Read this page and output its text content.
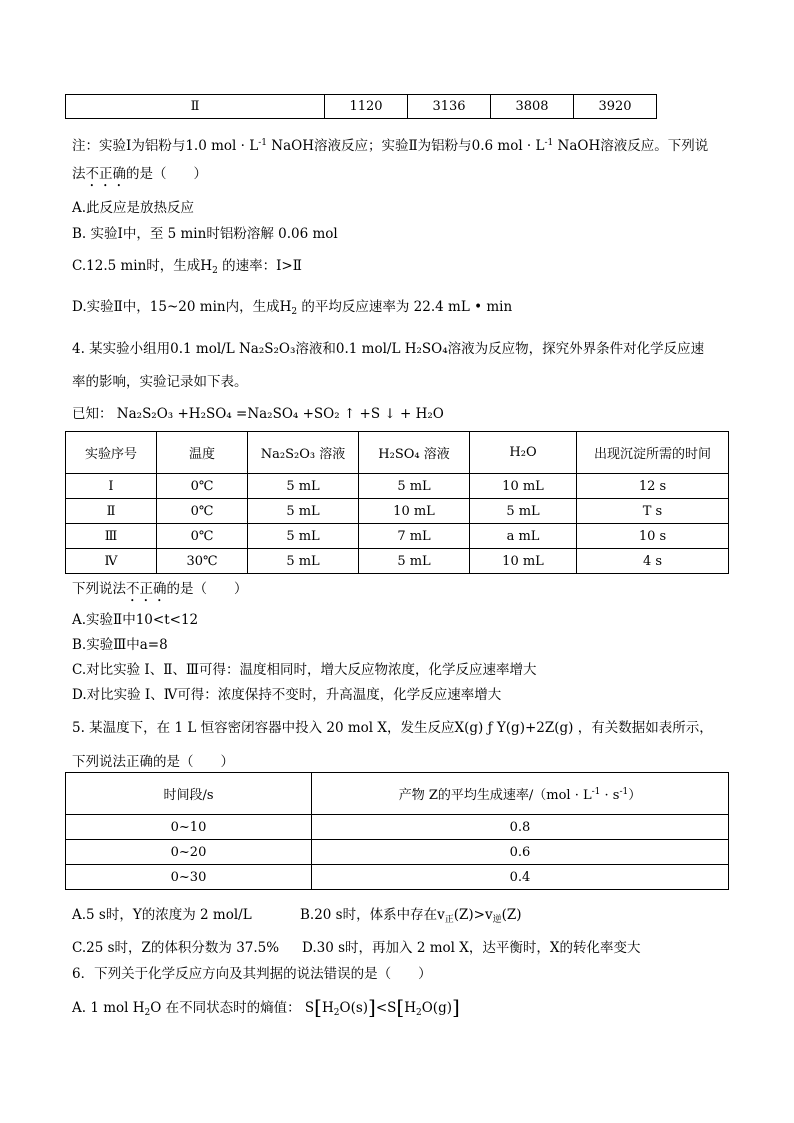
Ⅱ	1120	3136	3808	3920
注：实验Ⅰ为铝粉与1.0 mol · $L^{-1}$ NaOH溶液反应；实验Ⅱ为铝粉与0.6 mol · $L^{-1}$ NaOH溶液反应。下列说
法不正确的是（　　）
A.此反应是放热反应
B. 实验Ⅰ中，至 5 min时铝粉溶解 0.06 mol
C.12.5 min时，生成$H_2$ 的速率：Ⅰ>Ⅱ
D.实验Ⅱ中，15~20 min内，生成$H_2$ 的平均反应速率为 22.4 mL • min
4. 某实验小组用0.1 mol/L Na₂S₂O₃溶液和0.1 mol/L H₂SO₄溶液为反应物，探究外界条件对化学反应速
率的影响，实验记录如下表。
已知： Na₂S₂O₃ +H₂SO₄ =Na₂SO₄ +SO₂ ↑ +S ↓ + H₂O
实验序号	温度	Na₂S₂O₃ 溶液	H₂SO₄ 溶液	H₂O	出现沉淀所需的时间
Ⅰ	0℃	5 mL	5 mL	10 mL	12 s
Ⅱ	0℃	5 mL	10 mL	5 mL	T s
Ⅲ	0℃	5 mL	7 mL	a mL	10 s
Ⅳ	30℃	5 mL	5 mL	10 mL	4 s
下列说法不正确的是（　　）
A.实验Ⅱ中10<t<12
B.实验Ⅲ中a=8
C.对比实验 Ⅰ、Ⅱ、Ⅲ可得：温度相同时，增大反应物浓度，化学反应速率增大
D.对比实验 Ⅰ、Ⅳ可得：浓度保持不变时，升高温度，化学反应速率增大
5. 某温度下，在 1 L 恒容密闭容器中投入 20 mol X，发生反应X(g) ƒ Y(g)+2Z(g) ，有关数据如表所示，
下列说法正确的是（　　）
时间段/s	产物 Z的平均生成速率$/(mol \cdot L^{-1} \cdot s^{-1})$
0~10	0.8
0~20	0.6
0~30	0.4
A.5 s时，Y的浓度为 2 mol/L	B.20 s时，体系中存在$v_正(Z)>v_逆(Z)$
C.25 s时，Z的体积分数为 37.5% D.30 s时，再加入 2 mol X，达平衡时，X的转化率变大
6．下列关于化学反应方向及其判据的说法错误的是（　　）
A. 1 mol $H_2O$ 在不同状态时的熵值： $S[H_2O(s)]<S[H_2O(g)]$
